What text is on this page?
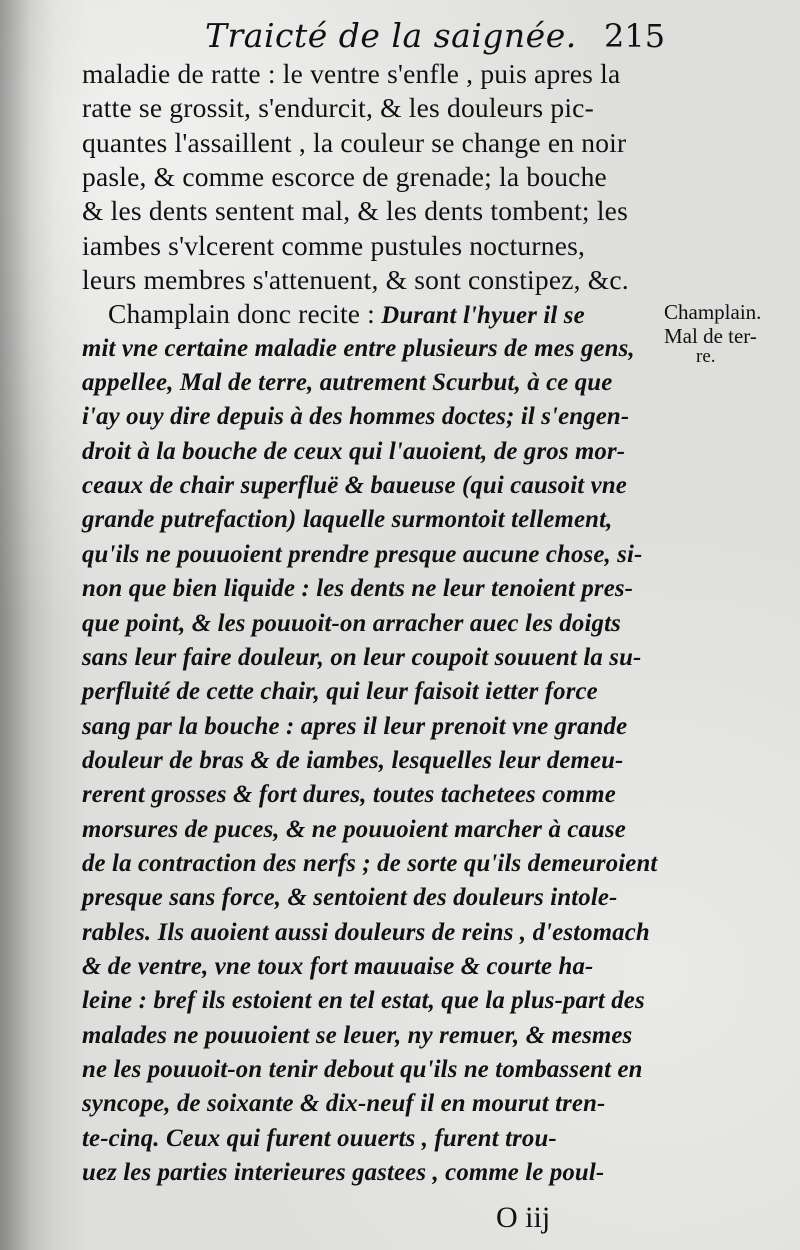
Traicté de la saignée. 215
maladie de ratte : le ventre s'enfle , puis apres la
ratte se grossit, s'endurcit, & les douleurs pic-
quantes l'assaillent , la couleur se change en noir
pasle, & comme escorce de grenade; la bouche
& les dents sentent mal, & les dents tombent; les
iambes s'vlcerent comme pustules nocturnes,
leurs membres s'attenuent, & sont constipez, &c.
Champlain donc recite : Durant l'hyuer il se
mit vne certaine maladie entre plusieurs de mes gens,
appellee, Mal de terre, autrement Scurbut, à ce que
i'ay ouy dire depuis à des hommes doctes; il s'engen-
droit à la bouche de ceux qui l'auoient, de gros mor-
ceaux de chair superfluë & baueuse (qui causoit vne
grande putrefaction) laquelle surmontoit tellement,
qu'ils ne pouuoient prendre presque aucune chose, si-
non que bien liquide : les dents ne leur tenoient pres-
que point, & les pouuoit-on arracher auec les doigts
sans leur faire douleur, on leur coupoit souuent la su-
perfluité de cette chair, qui leur faisoit ietter force
sang par la bouche : apres il leur prenoit vne grande
douleur de bras & de iambes, lesquelles leur demeu-
rerent grosses & fort dures, toutes tachetees comme
morsures de puces, & ne pouuoient marcher à cause
de la contraction des nerfs ; de sorte qu'ils demeuroient
presque sans force, & sentoient des douleurs intole-
rables. Ils auoient aussi douleurs de reins , d'estomach
& de ventre, vne toux fort mauuaise & courte ha-
leine : bref ils estoient en tel estat, que la plus-part des
malades ne pouuoient se leuer, ny remuer, & mesmes
ne les pouuoit-on tenir debout qu'ils ne tombassent en
syncope, de soixante & dix-neuf il en mourut tren-
te-cinq. Ceux qui furent ouuerts , furent trou-
uez les parties interieures gastees , comme le poul-
Champlain.
Mal de ter-
re.
O iij
